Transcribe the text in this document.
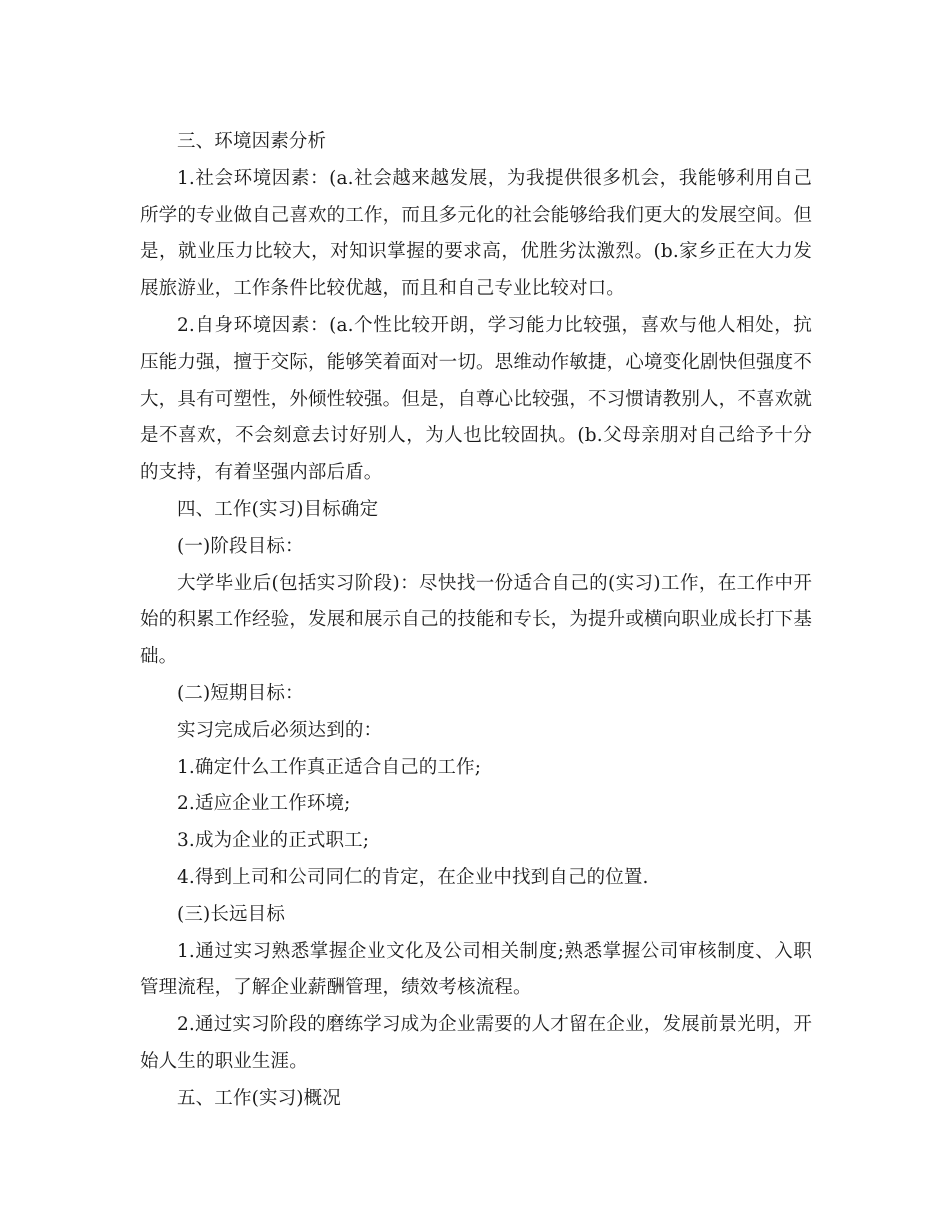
三、环境因素分析

1.社会环境因素：(a.社会越来越发展，为我提供很多机会，我能够利用自己所学的专业做自己喜欢的工作，而且多元化的社会能够给我们更大的发展空间。但是，就业压力比较大，对知识掌握的要求高，优胜劣汰激烈。(b.家乡正在大力发展旅游业，工作条件比较优越，而且和自己专业比较对口。

2.自身环境因素：(a.个性比较开朗，学习能力比较强，喜欢与他人相处，抗压能力强，擅于交际，能够笑着面对一切。思维动作敏捷，心境变化剧快但强度不大，具有可塑性，外倾性较强。但是，自尊心比较强，不习惯请教别人，不喜欢就是不喜欢，不会刻意去讨好别人，为人也比较固执。(b.父母亲朋对自己给予十分的支持，有着坚强内部后盾。

四、工作(实习)目标确定

(一)阶段目标：

大学毕业后(包括实习阶段)：尽快找一份适合自己的(实习)工作，在工作中开始的积累工作经验，发展和展示自己的技能和专长，为提升或横向职业成长打下基础。

(二)短期目标：

实习完成后必须达到的：

1.确定什么工作真正适合自己的工作;

2.适应企业工作环境;

3.成为企业的正式职工;

4.得到上司和公司同仁的肯定，在企业中找到自己的位置.

(三)长远目标

1.通过实习熟悉掌握企业文化及公司相关制度;熟悉掌握公司审核制度、入职管理流程，了解企业薪酬管理，绩效考核流程。

2.通过实习阶段的磨练学习成为企业需要的人才留在企业，发展前景光明，开始人生的职业生涯。

五、工作(实习)概况
